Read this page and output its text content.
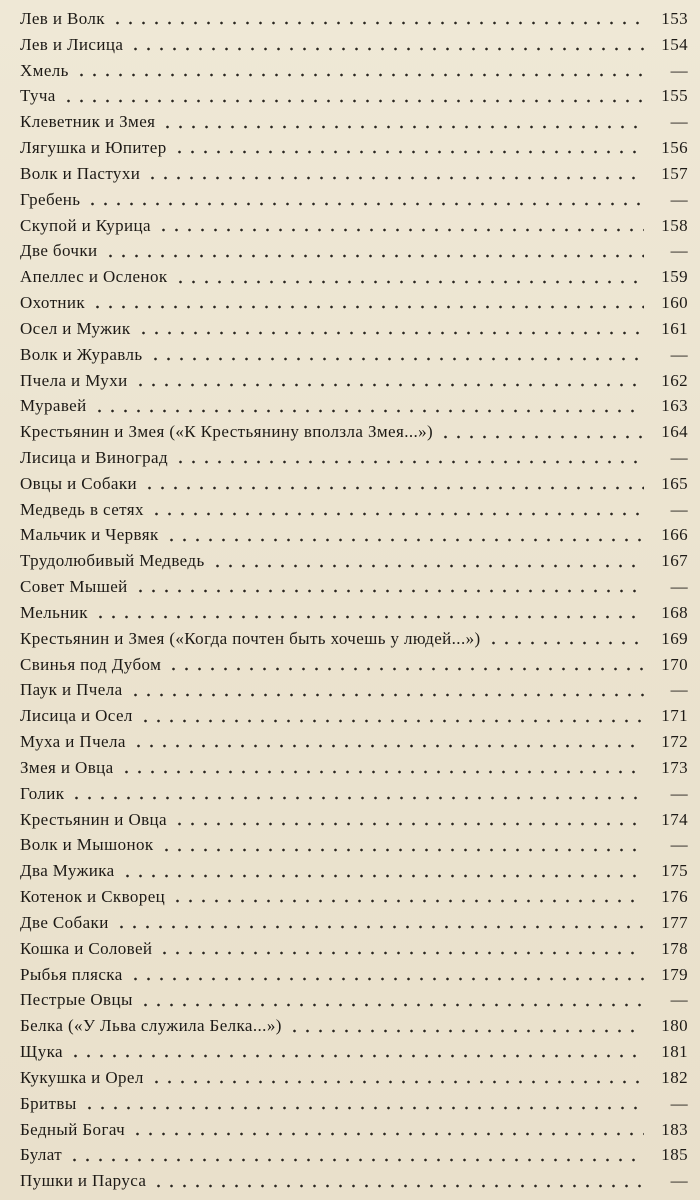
Лев и Волк	153
Лев и Лисица	154
Хмель	—
Туча	155
Клеветник и Змея	—
Лягушка и Юпитер	156
Волк и Пастухи	157
Гребень	—
Скупой и Курица	158
Две бочки	—
Апеллес и Осленок	159
Охотник	160
Осел и Мужик	161
Волк и Журавль	—
Пчела и Мухи	162
Муравей	163
Крестьянин и Змея («К Крестьянину вползла Змея...»)	164
Лисица и Виноград	—
Овцы и Собаки	165
Медведь в сетях	—
Мальчик и Червяк	166
Трудолюбивый Медведь	167
Совет Мышей	—
Мельник	168
Крестьянин и Змея («Когда почтен быть хочешь у людей...»)	169
Свинья под Дубом	170
Паук и Пчела	—
Лисица и Осел	171
Муха и Пчела	172
Змея и Овца	173
Голик	—
Крестьянин и Овца	174
Волк и Мышонок	—
Два Мужика	175
Котенок и Скворец	176
Две Собаки	177
Кошка и Соловей	178
Рыбья пляска	179
Пестрые Овцы	—
Белка («У Льва служила Белка...»)	180
Щука	181
Кукушка и Орел	182
Бритвы	—
Бедный Богач	183
Булат	185
Пушки и Паруса	—
